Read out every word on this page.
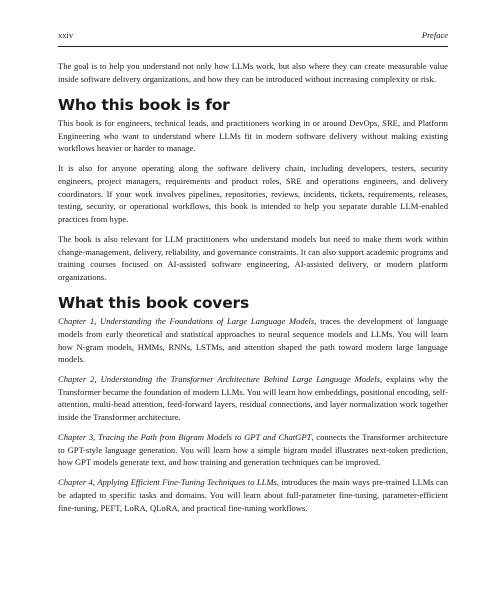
xxiv	Preface

The goal is to help you understand not only how LLMs work, but also where they can create measurable value inside software delivery organizations, and how they can be introduced without increasing complexity or risk.

Who this book is for

This book is for engineers, technical leads, and practitioners working in or around DevOps, SRE, and Platform Engineering who want to understand where LLMs fit in modern software delivery without making existing workflows heavier or harder to manage.

It is also for anyone operating along the software delivery chain, including developers, testers, security engineers, project managers, requirements and product roles, SRE and operations engineers, and delivery coordinators. If your work involves pipelines, repositories, reviews, incidents, tickets, requirements, releases, testing, security, or operational workflows, this book is intended to help you separate durable LLM-enabled practices from hype.

The book is also relevant for LLM practitioners who understand models but need to make them work within change-management, delivery, reliability, and governance constraints. It can also support academic programs and training courses focused on AI-assisted software engineering, AI-assisted delivery, or modern platform organizations.

What this book covers

Chapter 1, Understanding the Foundations of Large Language Models, traces the development of language models from early theoretical and statistical approaches to neural sequence models and LLMs. You will learn how N-gram models, HMMs, RNNs, LSTMs, and attention shaped the path toward modern large language models.

Chapter 2, Understanding the Transformer Architecture Behind Large Language Models, explains why the Transformer became the foundation of modern LLMs. You will learn how embeddings, positional encoding, self-attention, multi-head attention, feed-forward layers, residual connections, and layer normalization work together inside the Transformer architecture.

Chapter 3, Tracing the Path from Bigram Models to GPT and ChatGPT, connects the Transformer architecture to GPT-style language generation. You will learn how a simple bigram model illustrates next-token prediction, how GPT models generate text, and how training and generation techniques can be improved.

Chapter 4, Applying Efficient Fine-Tuning Techniques to LLMs, introduces the main ways pre-trained LLMs can be adapted to specific tasks and domains. You will learn about full-parameter fine-tuning, parameter-efficient fine-tuning, PEFT, LoRA, QLoRA, and practical fine-tuning workflows.
